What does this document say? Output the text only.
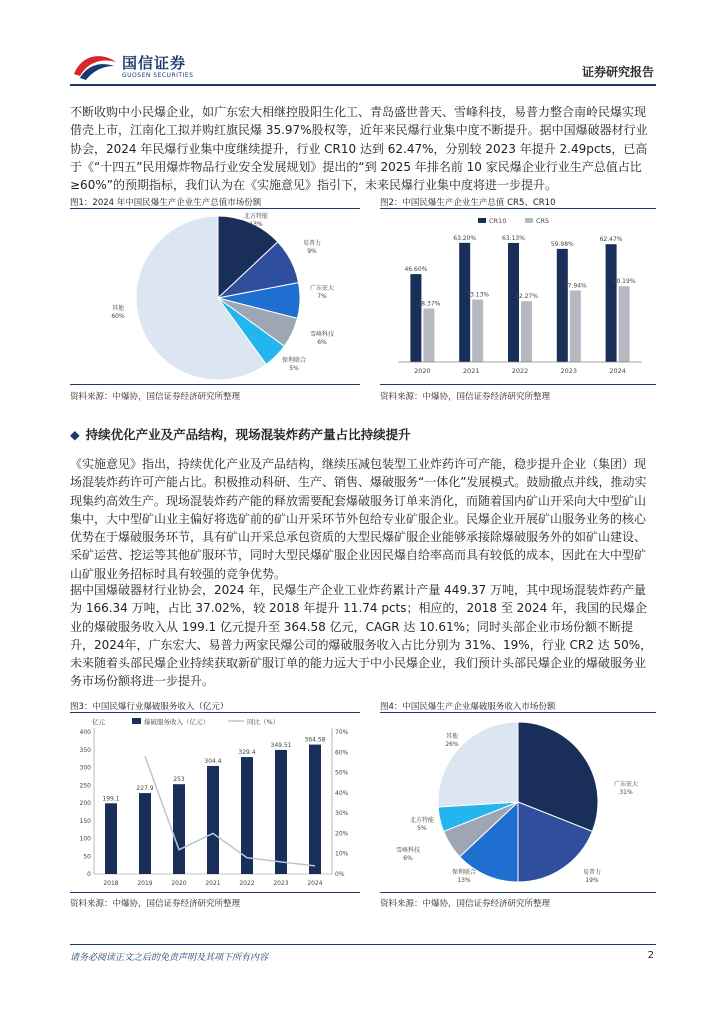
国信证券
GUOSEN SECURITIES	证券研究报告
不断收购中小民爆企业，如广东宏大相继控股阳生化工、青岛盛世普天、雪峰科技，易普力整合南岭民爆实现借壳上市，江南化工拟并购红旗民爆 35.97%股权等，近年来民爆行业集中度不断提升。据中国爆破器材行业协会，2024 年民爆行业集中度继续提升，行业 CR10 达到 62.47%，分别较 2023 年提升 2.49pcts，已高于《“十四五”民用爆炸物品行业安全发展规划》提出的“到 2025 年排名前 10 家民爆企业行业生产总值占比≥60%”的预期指标，我们认为在《实施意见》指引下，未来民爆行业集中度将进一步提升。
图1：2024 年中国民爆生产企业生产总值市场份额	图2：中国民爆生产企业生产总值 CR5、CR10
北方特能
13%
易普力
9%
广东宏大
7%
雪峰科技
6%
保利联合
5%
其他
60%
CR10	CR5
46.60%
28.37%
63.20%
33.13%
63.13%
32.27%
59.98%
37.94%
62.47%
40.19%
2020	2021	2022	2023	2024
资料来源：中爆协，国信证券经济研究所整理	资料来源：中爆协，国信证券经济研究所整理
◆ 持续优化产业及产品结构，现场混装炸药产量占比持续提升
《实施意见》指出，持续优化产业及产品结构，继续压减包装型工业炸药许可产能，稳步提升企业（集团）现场混装炸药许可产能占比。积极推动科研、生产、销售、爆破服务“一体化”发展模式。鼓励撤点并线，推动实现集约高效生产。现场混装炸药产能的释放需要配套爆破服务订单来消化，而随着国内矿山开采向大中型矿山集中，大中型矿山业主偏好将选矿前的矿山开采环节外包给专业矿服企业。民爆企业开展矿山服务业务的核心优势在于爆破服务环节，具有矿山开采总承包资质的大型民爆矿服企业能够承接除爆破服务外的如矿山建设、采矿运营、挖运等其他矿服环节，同时大型民爆矿服企业因民爆自给率高而具有较低的成本，因此在大中型矿山矿服业务招标时具有较强的竞争优势。
据中国爆破器材行业协会，2024 年，民爆生产企业工业炸药累计产量 449.37 万吨，其中现场混装炸药产量为 166.34 万吨，占比 37.02%，较 2018 年提升 11.74 pcts；相应的，2018 至 2024 年，我国的民爆企业的爆破服务收入从 199.1 亿元提升至 364.58 亿元，CAGR 达 10.61%；同时头部企业市场份额不断提升，2024年，广东宏大、易普力两家民爆公司的爆破服务收入占比分别为 31%、19%，行业 CR2 达 50%，未来随着头部民爆企业持续获取新矿服订单的能力远大于中小民爆企业，我们预计头部民爆企业的爆破服务业务市场份额将进一步提升。
图3：中国民爆行业爆破服务收入（亿元）	图4：中国民爆生产企业爆破服务收入市场份额
亿元	爆破服务收入（亿元）	同比（%）
0
50
100
150
200
250
300
350
400
0%
10%
20%
30%
40%
50%
60%
70%
199.1
227.9
253
304.4
329.4
349.51
364.58
2018	2019	2020	2021	2022	2023	2024
广东宏大
31%
易普力
19%
保利联合
13%
雪峰科技
6%
北方特能
5%
其他
26%
资料来源：中爆协，国信证券经济研究所整理	资料来源：中爆协，国信证券经济研究所整理
请务必阅读正文之后的免责声明及其项下所有内容	2
